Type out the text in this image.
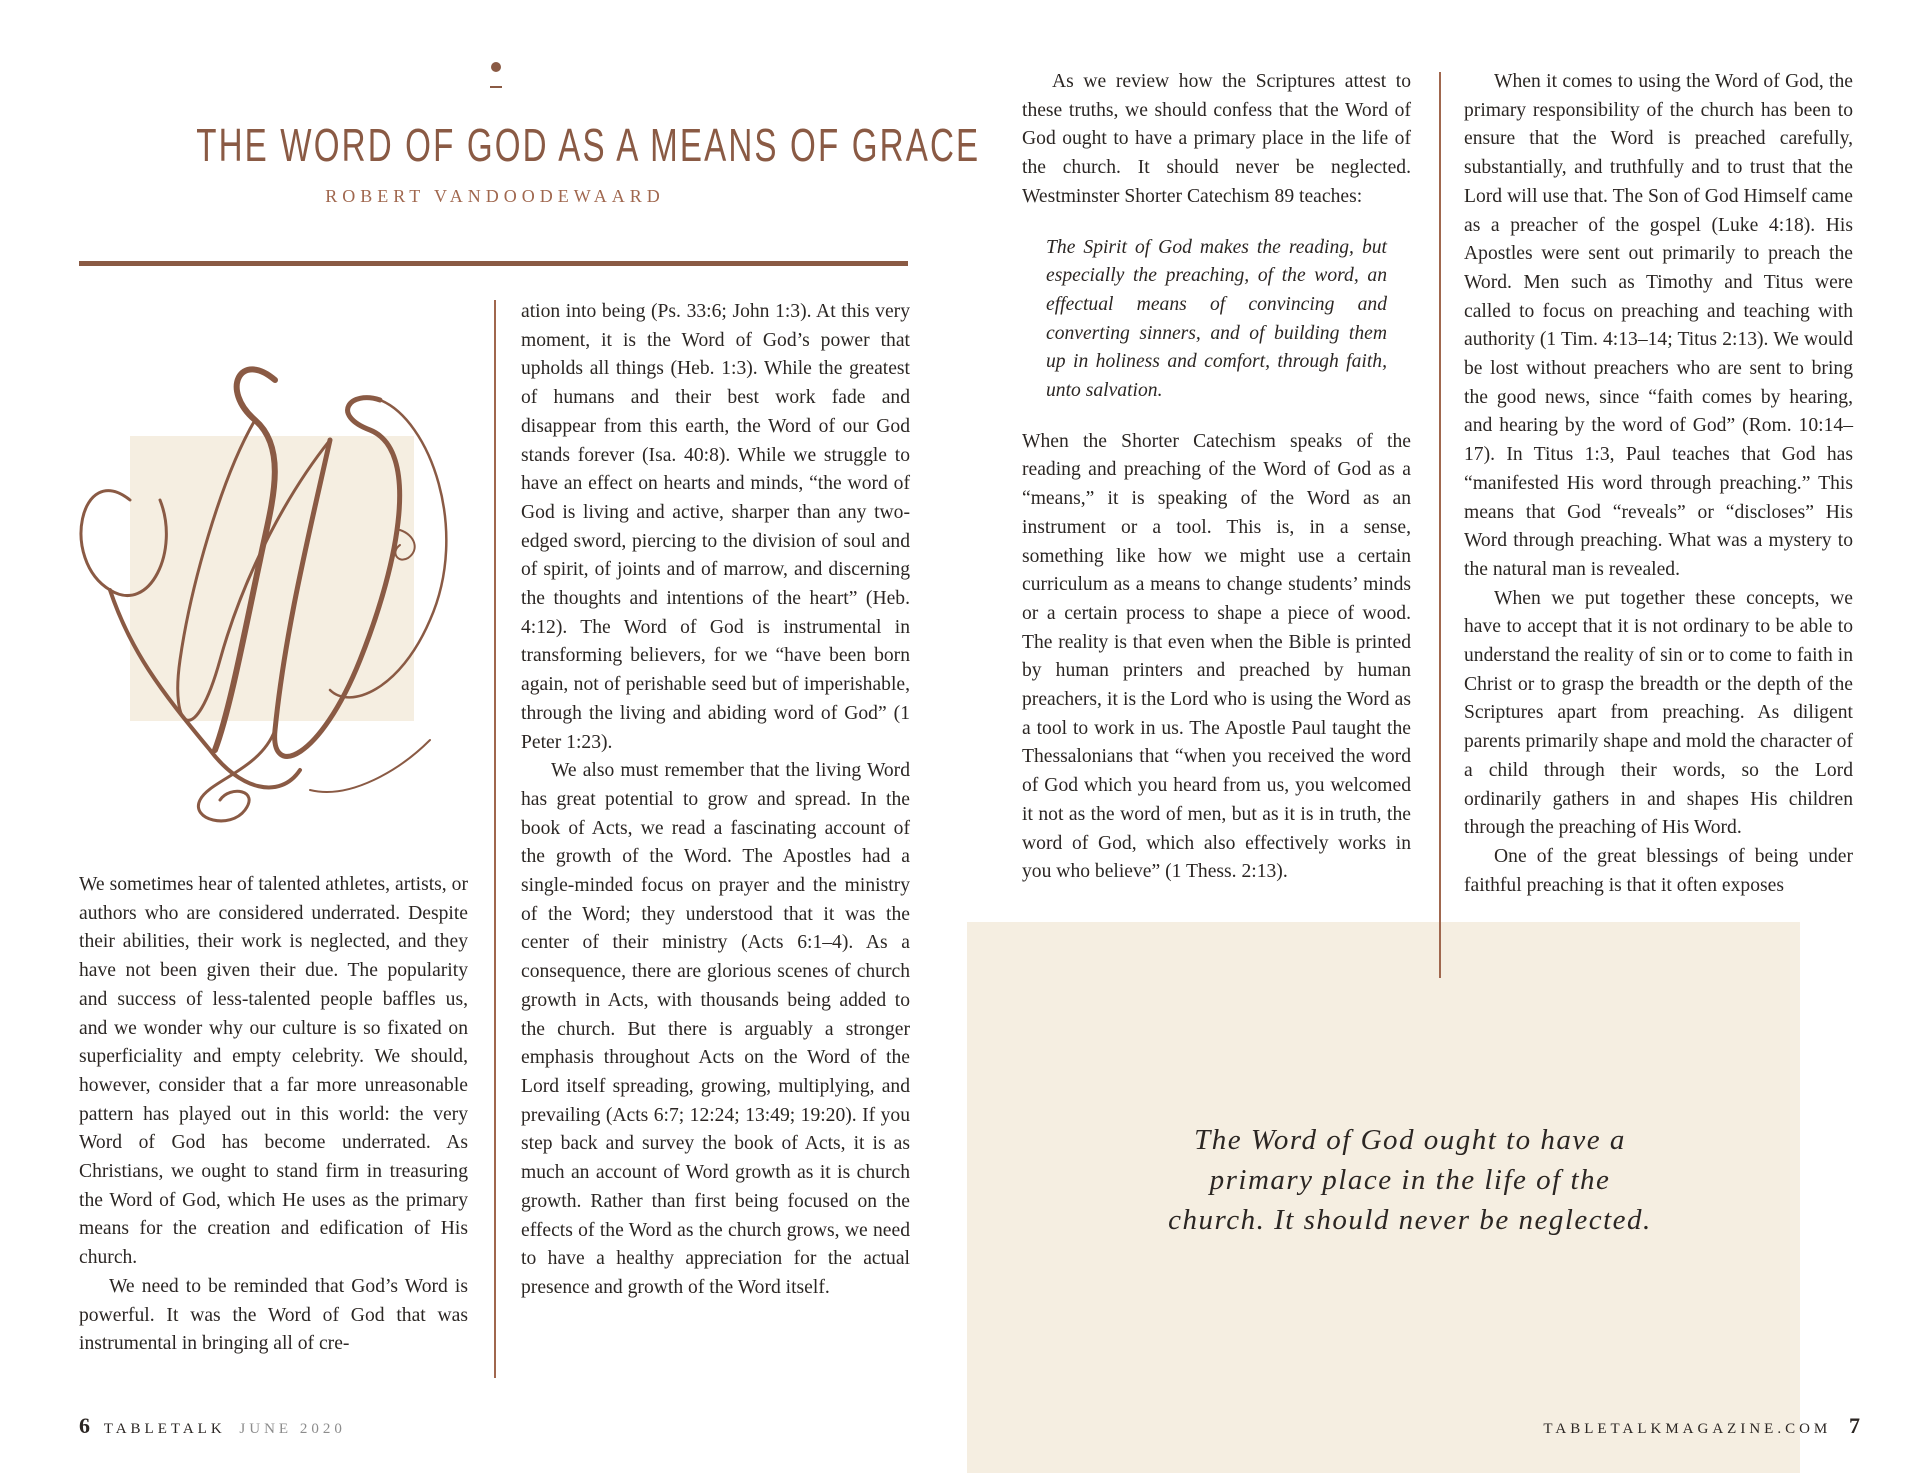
THE WORD OF GOD AS A MEANS OF GRACE
ROBERT VANDOODEWAARD

We sometimes hear of talented athletes, artists, or authors who are considered underrated. Despite their abilities, their work is neglected, and they have not been given their due. The popularity and success of less-talented people baffles us, and we wonder why our culture is so fixated on superficiality and empty celebrity. We should, however, consider that a far more unreasonable pattern has played out in this world: the very Word of God has become underrated. As Christians, we ought to stand firm in treasuring the Word of God, which He uses as the primary means for the creation and edification of His church.

We need to be reminded that God’s Word is powerful. It was the Word of God that was instrumental in bringing all of cre-

ation into being (Ps. 33:6; John 1:3). At this very moment, it is the Word of God’s power that upholds all things (Heb. 1:3). While the greatest of humans and their best work fade and disappear from this earth, the Word of our God stands forever (Isa. 40:8). While we struggle to have an effect on hearts and minds, “the word of God is living and active, sharper than any two-edged sword, piercing to the division of soul and of spirit, of joints and of marrow, and discerning the thoughts and intentions of the heart” (Heb. 4:12). The Word of God is instrumental in transforming believers, for we “have been born again, not of perishable seed but of imperishable, through the living and abiding word of God” (1 Peter 1:23).

We also must remember that the living Word has great potential to grow and spread. In the book of Acts, we read a fascinating account of the growth of the Word. The Apostles had a single-minded focus on prayer and the ministry of the Word; they understood that it was the center of their ministry (Acts 6:1–4). As a consequence, there are glorious scenes of church growth in Acts, with thousands being added to the church. But there is arguably a stronger emphasis throughout Acts on the Word of the Lord itself spreading, growing, multiplying, and prevailing (Acts 6:7; 12:24; 13:49; 19:20). If you step back and survey the book of Acts, it is as much an account of Word growth as it is church growth. Rather than first being focused on the effects of the Word as the church grows, we need to have a healthy appreciation for the actual presence and growth of the Word itself.

As we review how the Scriptures attest to these truths, we should confess that the Word of God ought to have a primary place in the life of the church. It should never be neglected. Westminster Shorter Catechism 89 teaches:

The Spirit of God makes the reading, but especially the preaching, of the word, an effectual means of convincing and converting sinners, and of building them up in holiness and comfort, through faith, unto salvation.

When the Shorter Catechism speaks of the reading and preaching of the Word of God as a “means,” it is speaking of the Word as an instrument or a tool. This is, in a sense, something like how we might use a certain curriculum as a means to change students’ minds or a certain process to shape a piece of wood. The reality is that even when the Bible is printed by human printers and preached by human preachers, it is the Lord who is using the Word as a tool to work in us. The Apostle Paul taught the Thessalonians that “when you received the word of God which you heard from us, you welcomed it not as the word of men, but as it is in truth, the word of God, which also effectively works in you who believe” (1 Thess. 2:13).

When it comes to using the Word of God, the primary responsibility of the church has been to ensure that the Word is preached carefully, substantially, and truthfully and to trust that the Lord will use that. The Son of God Himself came as a preacher of the gospel (Luke 4:18). His Apostles were sent out primarily to preach the Word. Men such as Timothy and Titus were called to focus on preaching and teaching with authority (1 Tim. 4:13–14; Titus 2:13). We would be lost without preachers who are sent to bring the good news, since “faith comes by hearing, and hearing by the word of God” (Rom. 10:14–17). In Titus 1:3, Paul teaches that God has “manifested His word through preaching.” This means that God “reveals” or “discloses” His Word through preaching. What was a mystery to the natural man is revealed.

When we put together these concepts, we have to accept that it is not ordinary to be able to understand the reality of sin or to come to faith in Christ or to grasp the breadth or the depth of the Scriptures apart from preaching. As diligent parents primarily shape and mold the character of a child through their words, so the Lord ordinarily gathers in and shapes His children through the preaching of His Word.

One of the great blessings of being under faithful preaching is that it often exposes

The Word of God ought to have a
primary place in the life of the
church. It should never be neglected.
6 TABLETALK JUNE 2020	TABLETALKMAGAZINE.COM 7
